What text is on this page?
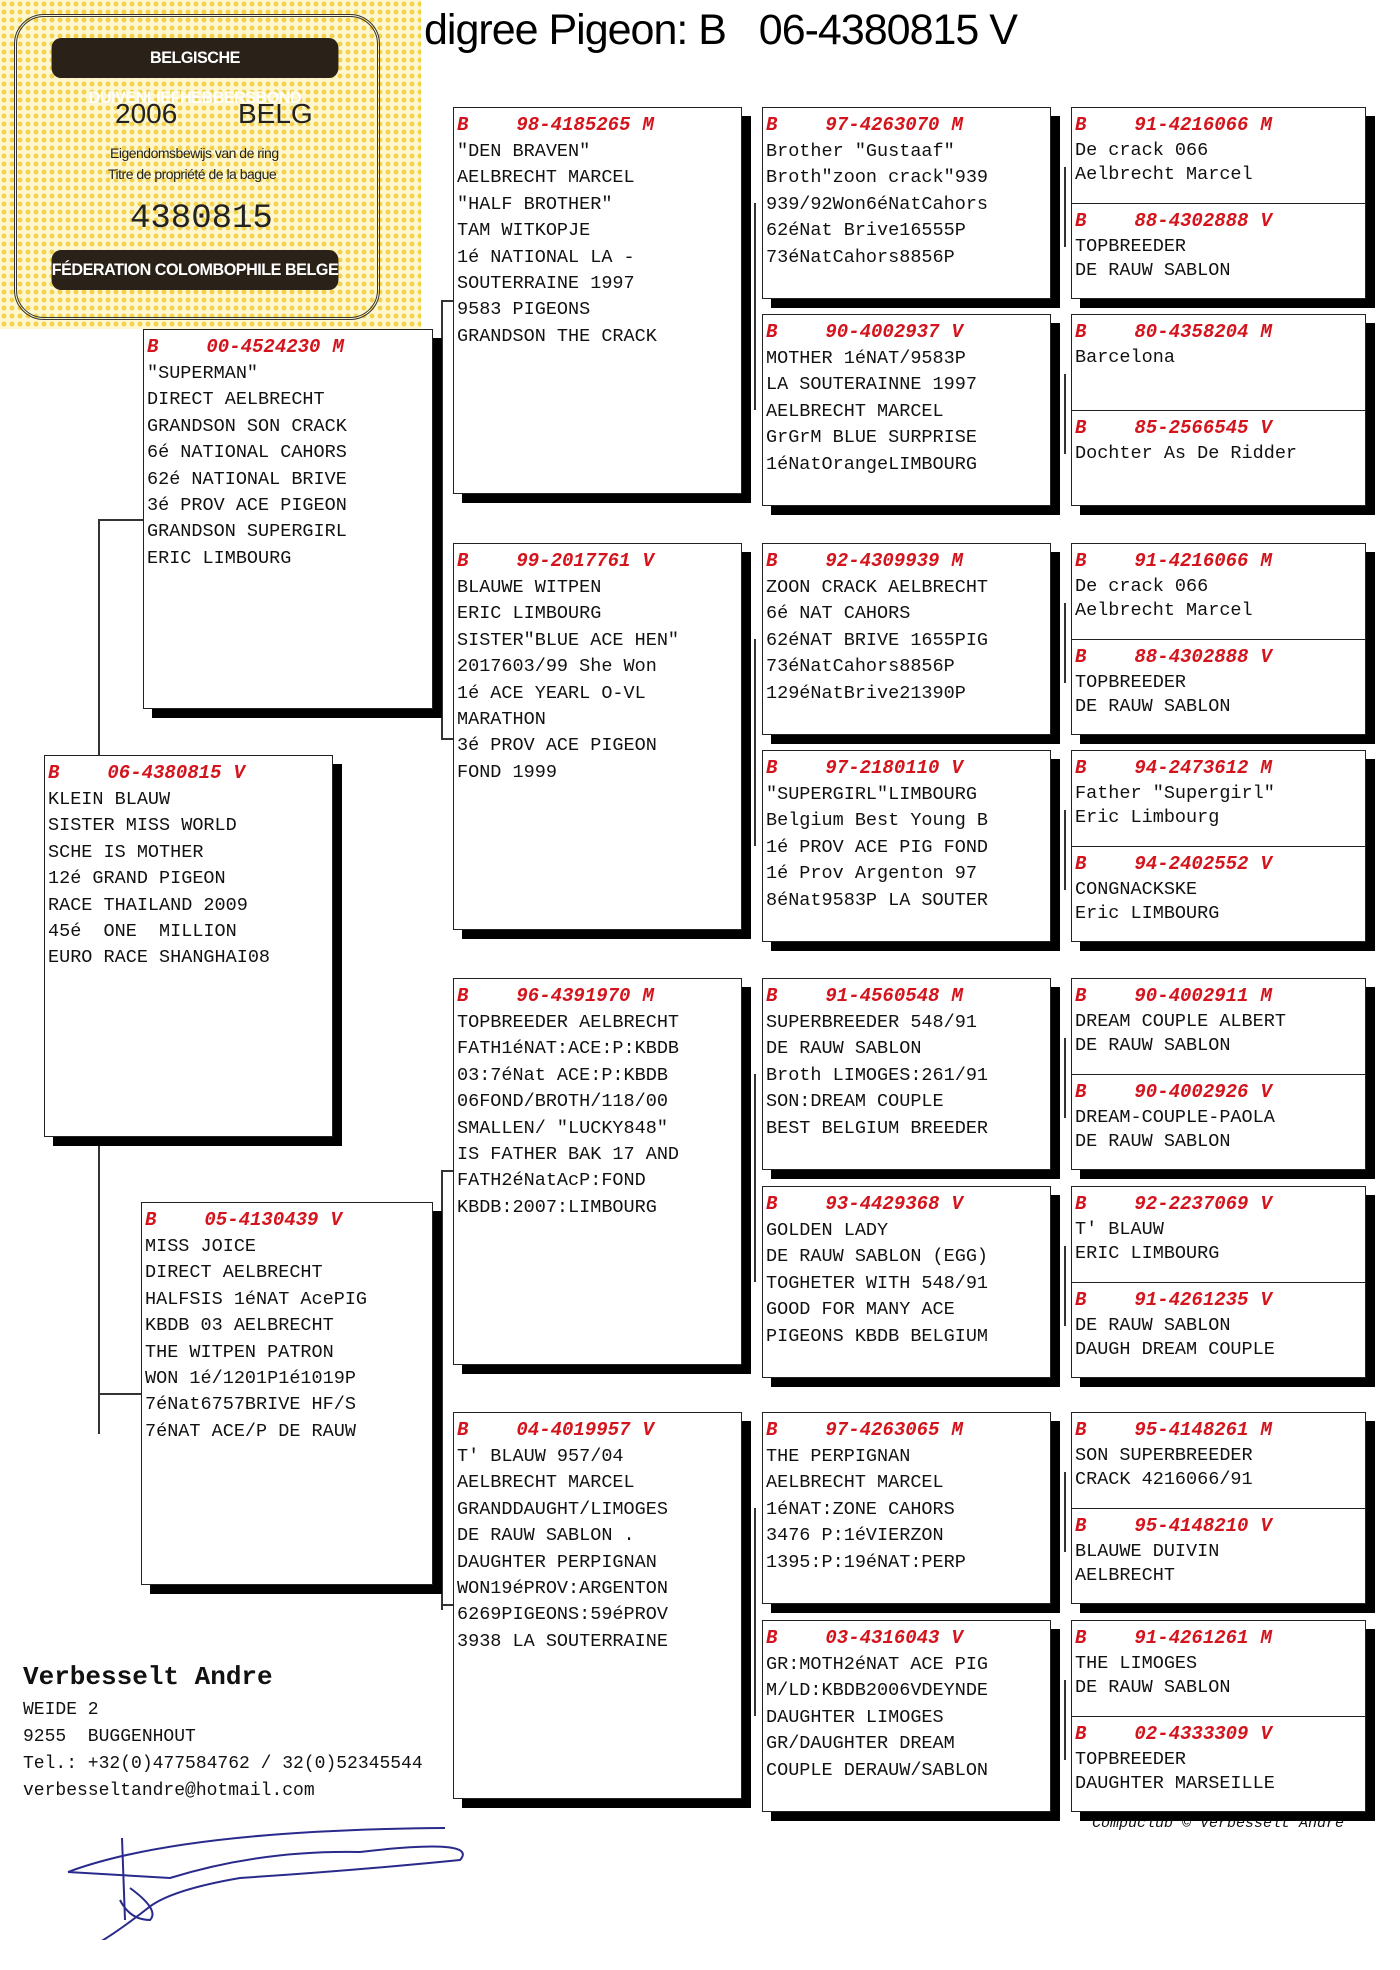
digree Pigeon: B   06-4380815 V
BELGISCHE DUIVENLIEFHEBBERSBOND
2006 BELG
Eigendomsbewijs van de ring
Titre de propriété de la bague
4380815
FÉDERATION COLOMBOPHILE BELGE
B	06-4380815 V
KLEIN BLAUW
SISTER MISS WORLD
SCHE IS MOTHER
12é GRAND PIGEON
RACE THAILAND 2009
45é  ONE  MILLION
EURO RACE SHANGHAI08
B	00-4524230 M
"SUPERMAN"
DIRECT AELBRECHT
GRANDSON SON CRACK
6é NATIONAL CAHORS
62é NATIONAL BRIVE
3é PROV ACE PIGEON
GRANDSON SUPERGIRL
ERIC LIMBOURG
B	05-4130439 V
MISS JOICE
DIRECT AELBRECHT
HALFSIS 1éNAT AcePIG
KBDB 03 AELBRECHT
THE WITPEN PATRON
WON 1é/1201P1é1019P
7éNat6757BRIVE HF/S
7éNAT ACE/P DE RAUW
B	98-4185265 M
"DEN BRAVEN"
AELBRECHT MARCEL
"HALF BROTHER"
TAM WITKOPJE
1é NATIONAL LA -
SOUTERRAINE 1997
9583 PIGEONS
GRANDSON THE CRACK
B	99-2017761 V
BLAUWE WITPEN
ERIC LIMBOURG
SISTER"BLUE ACE HEN"
2017603/99 She Won
1é ACE YEARL O-VL
MARATHON
3é PROV ACE PIGEON
FOND 1999
B	96-4391970 M
TOPBREEDER AELBRECHT
FATH1éNAT:ACE:P:KBDB
03:7éNat ACE:P:KBDB
06FOND/BROTH/118/00
SMALLEN/ "LUCKY848"
IS FATHER BAK 17 AND
FATH2éNatAcP:FOND
KBDB:2007:LIMBOURG
B	04-4019957 V
T' BLAUW 957/04
AELBRECHT MARCEL
GRANDDAUGHT/LIMOGES
DE RAUW SABLON .
DAUGHTER PERPIGNAN
WON19éPROV:ARGENTON
6269PIGEONS:59éPROV
3938 LA SOUTERRAINE
B	97-4263070 M
Brother "Gustaaf"
Broth"zoon crack"939
939/92Won6éNatCahors
62éNat Brive16555P
73éNatCahors8856P
B	90-4002937 V
MOTHER 1éNAT/9583P
LA SOUTERAINNE 1997
AELBRECHT MARCEL
GrGrM BLUE SURPRISE
1éNatOrangeLIMBOURG
B	92-4309939 M
ZOON CRACK AELBRECHT
6é NAT CAHORS
62éNAT BRIVE 1655PIG
73éNatCahors8856P
129éNatBrive21390P
B	97-2180110 V
"SUPERGIRL"LIMBOURG
Belgium Best Young B
1é PROV ACE PIG FOND
1é Prov Argenton 97
8éNat9583P LA SOUTER
B	91-4560548 M
SUPERBREEDER 548/91
DE RAUW SABLON
Broth LIMOGES:261/91
SON:DREAM COUPLE
BEST BELGIUM BREEDER
B	93-4429368 V
GOLDEN LADY
DE RAUW SABLON (EGG)
TOGHETER WITH 548/91
GOOD FOR MANY ACE
PIGEONS KBDB BELGIUM
B	97-4263065 M
THE PERPIGNAN
AELBRECHT MARCEL
1éNAT:ZONE CAHORS
3476 P:1éVIERZON
1395:P:19éNAT:PERP
B	03-4316043 V
GR:MOTH2éNAT ACE PIG
M/LD:KBDB2006VDEYNDE
DAUGHTER LIMOGES
GR/DAUGHTER DREAM
COUPLE DERAUW/SABLON
B	91-4216066 M
De crack 066
Aelbrecht Marcel
B	88-4302888 V
TOPBREEDER
DE RAUW SABLON
B	80-4358204 M
Barcelona
B	85-2566545 V
Dochter As De Ridder
B	91-4216066 M
De crack 066
Aelbrecht Marcel
B	88-4302888 V
TOPBREEDER
DE RAUW SABLON
B	94-2473612 M
Father "Supergirl"
Eric Limbourg
B	94-2402552 V
CONGNACKSKE
Eric LIMBOURG
B	90-4002911 M
DREAM COUPLE ALBERT
DE RAUW SABLON
B	90-4002926 V
DREAM-COUPLE-PAOLA
DE RAUW SABLON
B	92-2237069 V
T' BLAUW
ERIC LIMBOURG
B	91-4261235 V
DE RAUW SABLON
DAUGH DREAM COUPLE
B	95-4148261 M
SON SUPERBREEDER
CRACK 4216066/91
B	95-4148210 V
BLAUWE DUIVIN
AELBRECHT
B	91-4261261 M
THE LIMOGES
DE RAUW SABLON
B	02-4333309 V
TOPBREEDER
DAUGHTER MARSEILLE
Verbesselt Andre
WEIDE 2
9255  BUGGENHOUT
Tel.: +32(0)477584762 / 32(0)52345544
verbesseltandre@hotmail.com
Compuclub © Verbesselt Andre
